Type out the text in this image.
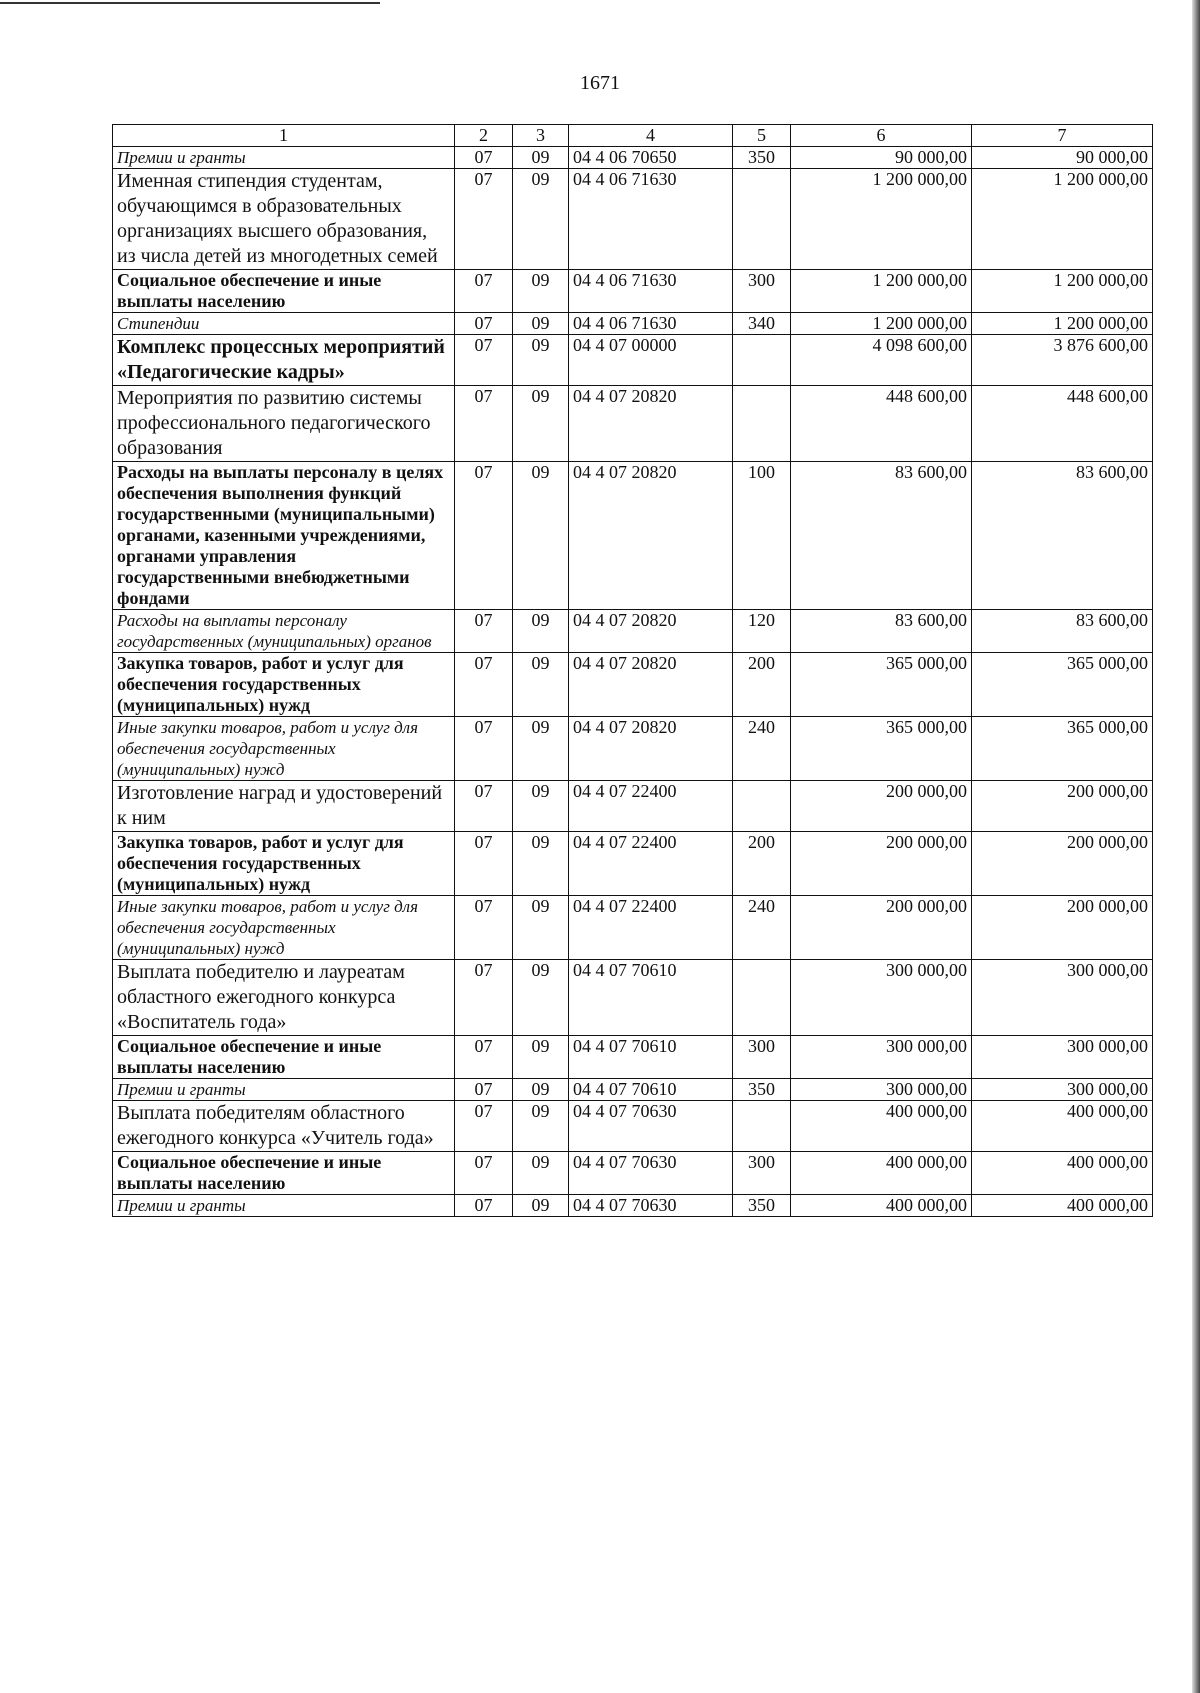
1671
1	2	3	4	5	6	7
Премии и гранты	07	09	04 4 06 70650	350	90 000,00	90 000,00
Именная стипендия студентам, обучающимся в образовательных организациях высшего образования, из числа детей из многодетных семей	07	09	04 4 06 71630		1 200 000,00	1 200 000,00
Социальное обеспечение и иные выплаты населению	07	09	04 4 06 71630	300	1 200 000,00	1 200 000,00
Стипендии	07	09	04 4 06 71630	340	1 200 000,00	1 200 000,00
Комплекс процессных мероприятий «Педагогические кадры»	07	09	04 4 07 00000		4 098 600,00	3 876 600,00
Мероприятия по развитию системы профессионального педагогического образования	07	09	04 4 07 20820		448 600,00	448 600,00
Расходы на выплаты персоналу в целях обеспечения выполнения функций государственными (муниципальными) органами, казенными учреждениями, органами управления государственными внебюджетными фондами	07	09	04 4 07 20820	100	83 600,00	83 600,00
Расходы на выплаты персоналу государственных (муниципальных) органов	07	09	04 4 07 20820	120	83 600,00	83 600,00
Закупка товаров, работ и услуг для обеспечения государственных (муниципальных) нужд	07	09	04 4 07 20820	200	365 000,00	365 000,00
Иные закупки товаров, работ и услуг для обеспечения государственных (муниципальных) нужд	07	09	04 4 07 20820	240	365 000,00	365 000,00
Изготовление наград и удостоверений к ним	07	09	04 4 07 22400		200 000,00	200 000,00
Закупка товаров, работ и услуг для обеспечения государственных (муниципальных) нужд	07	09	04 4 07 22400	200	200 000,00	200 000,00
Иные закупки товаров, работ и услуг для обеспечения государственных (муниципальных) нужд	07	09	04 4 07 22400	240	200 000,00	200 000,00
Выплата победителю и лауреатам областного ежегодного конкурса «Воспитатель года»	07	09	04 4 07 70610		300 000,00	300 000,00
Социальное обеспечение и иные выплаты населению	07	09	04 4 07 70610	300	300 000,00	300 000,00
Премии и гранты	07	09	04 4 07 70610	350	300 000,00	300 000,00
Выплата победителям областного ежегодного конкурса «Учитель года»	07	09	04 4 07 70630		400 000,00	400 000,00
Социальное обеспечение и иные выплаты населению	07	09	04 4 07 70630	300	400 000,00	400 000,00
Премии и гранты	07	09	04 4 07 70630	350	400 000,00	400 000,00
